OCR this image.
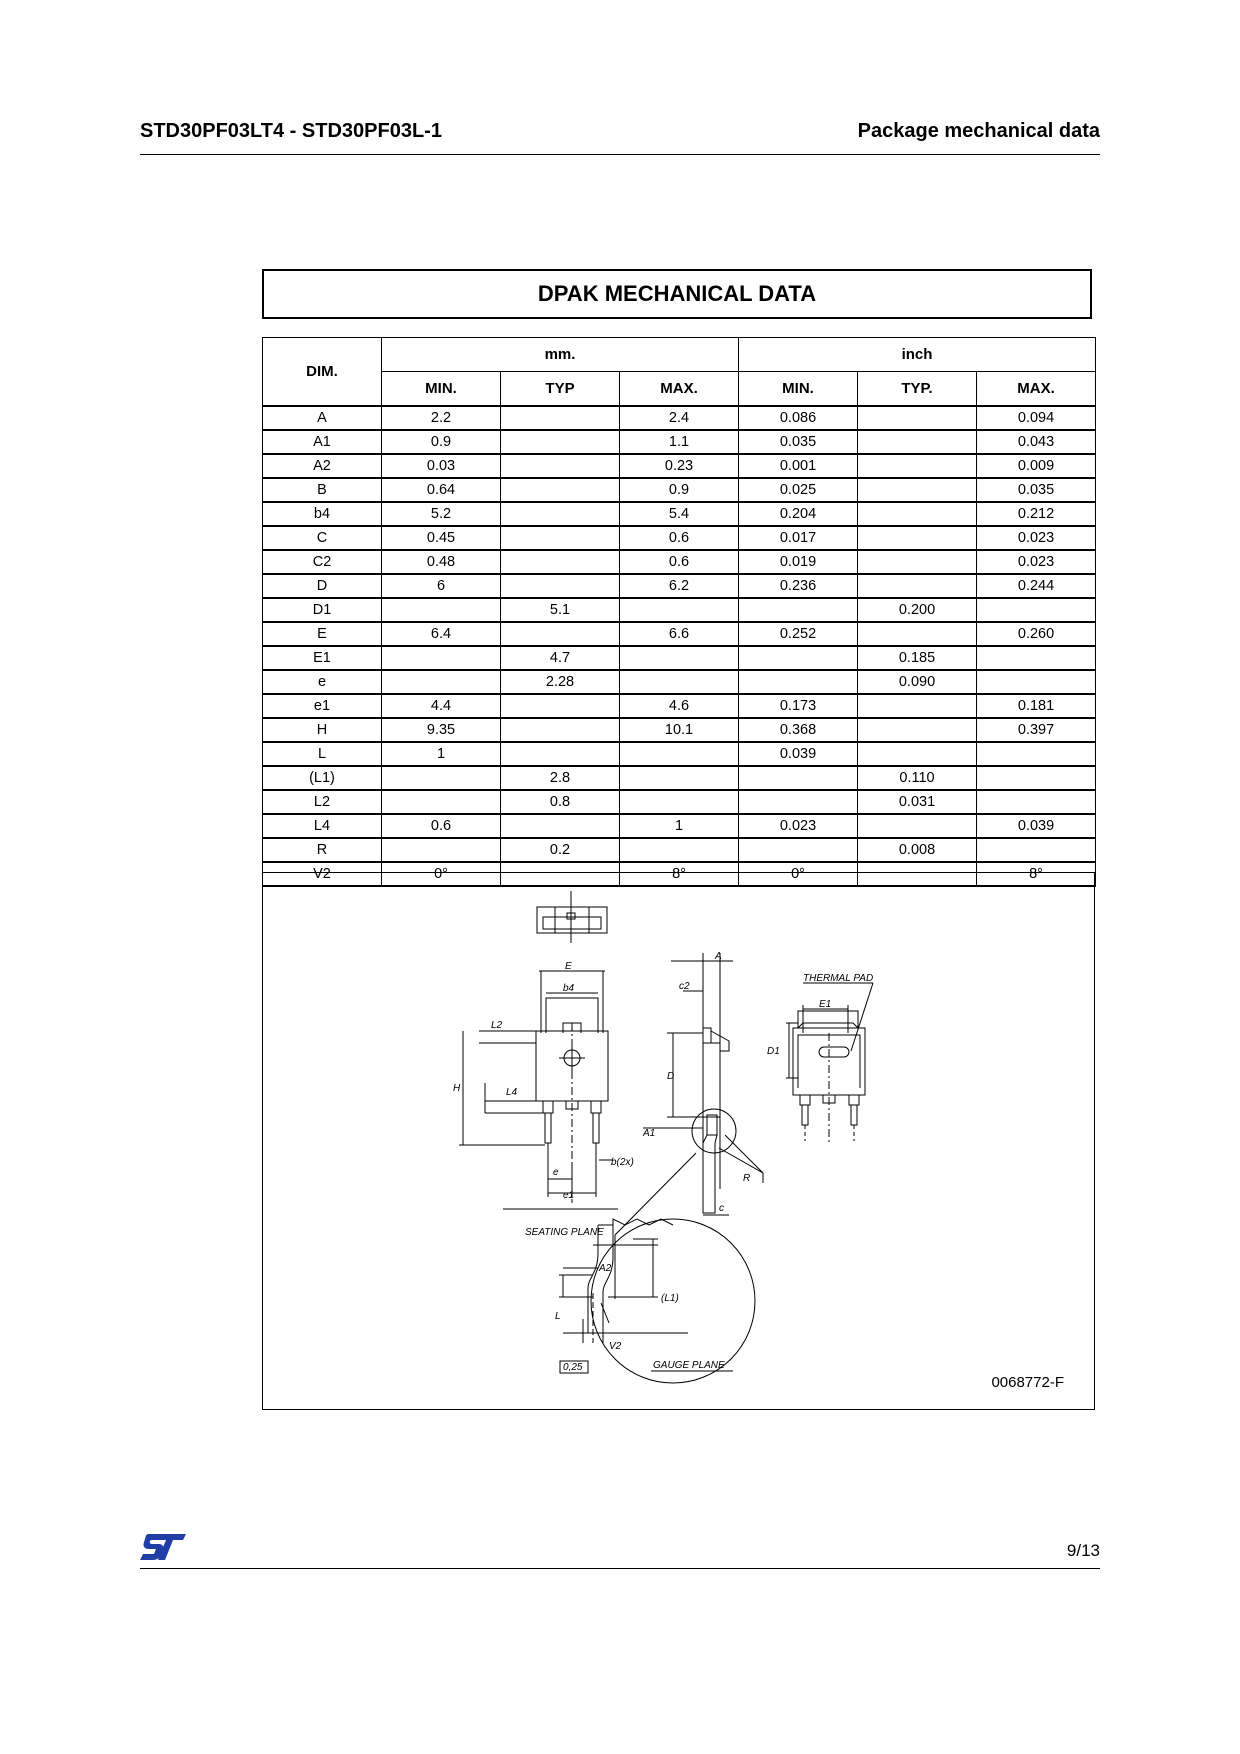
STD30PF03LT4 - STD30PF03L-1	Package mechanical data
DPAK MECHANICAL DATA
DIM.	mm.			inch		
	MIN.	TYP	MAX.	MIN.	TYP.	MAX.
A	2.2		2.4	0.086		0.094
A1	0.9		1.1	0.035		0.043
A2	0.03		0.23	0.001		0.009
B	0.64		0.9	0.025		0.035
b4	5.2		5.4	0.204		0.212
C	0.45		0.6	0.017		0.023
C2	0.48		0.6	0.019		0.023
D	6		6.2	0.236		0.244
D1		5.1			0.200	
E	6.4		6.6	0.252		0.260
E1		4.7			0.185	
e		2.28			0.090	
e1	4.4		4.6	0.173		0.181
H	9.35		10.1	0.368		0.397
L	1			0.039		
(L1)		2.8			0.110	
L2		0.8			0.031	
L4	0.6		1	0.023		0.039
R		0.2			0.008	
V2	0°		8°	0°		8°
E
b4
L2
H	L4
e
e1
b(2x)
c2
A
D
A1
R
c
THERMAL PAD
E1
D1
SEATING PLANE
A2
(L1)
L
V2
0,25	GAUGE PLANE
0068772-F
9/13
